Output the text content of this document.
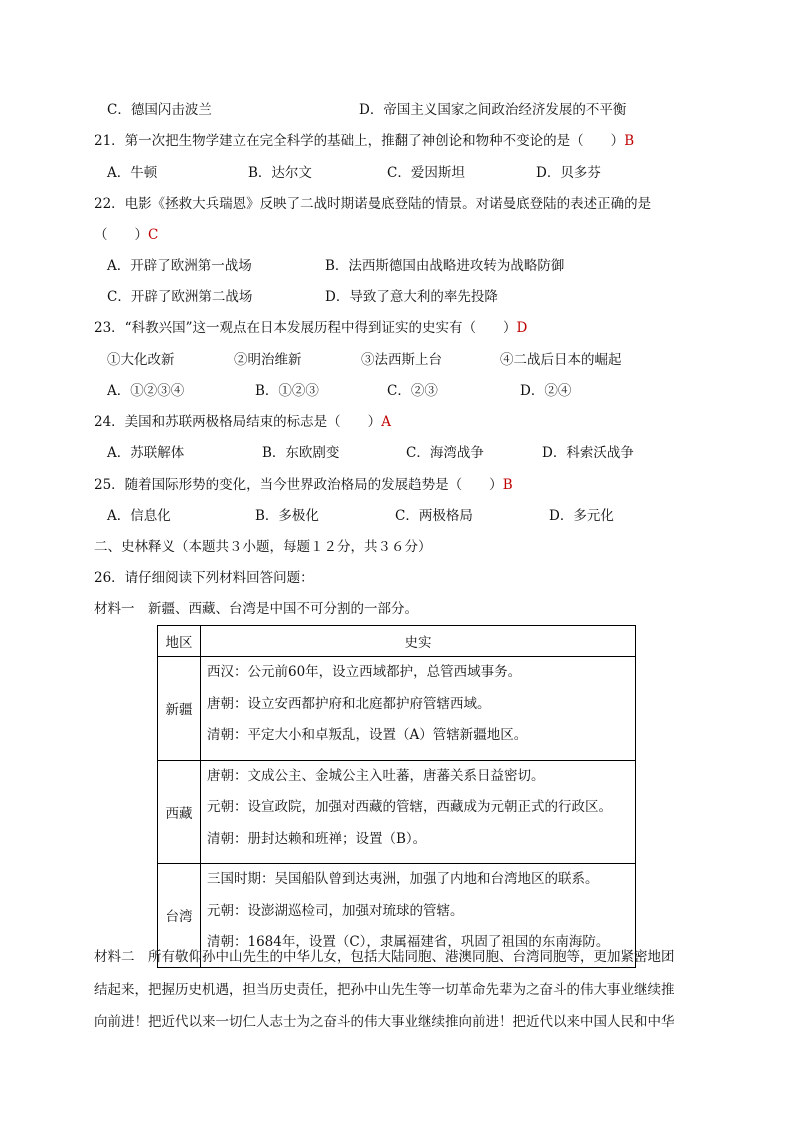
C．德国闪击波兰	D．帝国主义国家之间政治经济发展的不平衡
21．第一次把生物学建立在完全科学的基础上，推翻了神创论和物种不变论的是（　　）B
A．牛顿	B．达尔文	C．爱因斯坦	D．贝多芬
22．电影《拯救大兵瑞恩》反映了二战时期诺曼底登陆的情景。对诺曼底登陆的表述正确的是
（　　）C
A．开辟了欧洲第一战场	B．法西斯德国由战略进攻转为战略防御
C．开辟了欧洲第二战场	D．导致了意大利的率先投降
23．“科教兴国”这一观点在日本发展历程中得到证实的史实有（　　）D
①大化改新	②明治维新	③法西斯上台	④二战后日本的崛起
A．①②③④	B．①②③	C．②③	D．②④
24．美国和苏联两极格局结束的标志是（　　）A
A．苏联解体	B．东欧剧变	C．海湾战争	D．科索沃战争
25．随着国际形势的变化，当今世界政治格局的发展趋势是（　　）B
A．信息化	B．多极化	C．两极格局	D．多元化
二、史林释义（本题共３小题，每题１２分，共３６分）
26．请仔细阅读下列材料回答问题：
材料一　新疆、西藏、台湾是中国不可分割的一部分。
地区	史实
新疆	西汉：公元前60年，设立西域都护，总管西域事务。
唐朝：设立安西都护府和北庭都护府管辖西域。
清朝：平定大小和卓叛乱，设置（A）管辖新疆地区。

西藏	唐朝：文成公主、金城公主入吐蕃，唐蕃关系日益密切。
元朝：设宣政院，加强对西藏的管辖，西藏成为元朝正式的行政区。
清朝：册封达赖和班禅；设置（B）。

台湾	三国时期：吴国船队曾到达夷洲，加强了内地和台湾地区的联系。
元朝：设澎湖巡检司，加强对琉球的管辖。
清朝：1684年，设置（C），隶属福建省，巩固了祖国的东南海防。
材料二　所有敬仰孙中山先生的中华儿女，包括大陆同胞、港澳同胞、台湾同胞等，更加紧密地团
结起来，把握历史机遇，担当历史责任，把孙中山先生等一切革命先辈为之奋斗的伟大事业继续推
向前进！把近代以来一切仁人志士为之奋斗的伟大事业继续推向前进！把近代以来中国人民和中华
